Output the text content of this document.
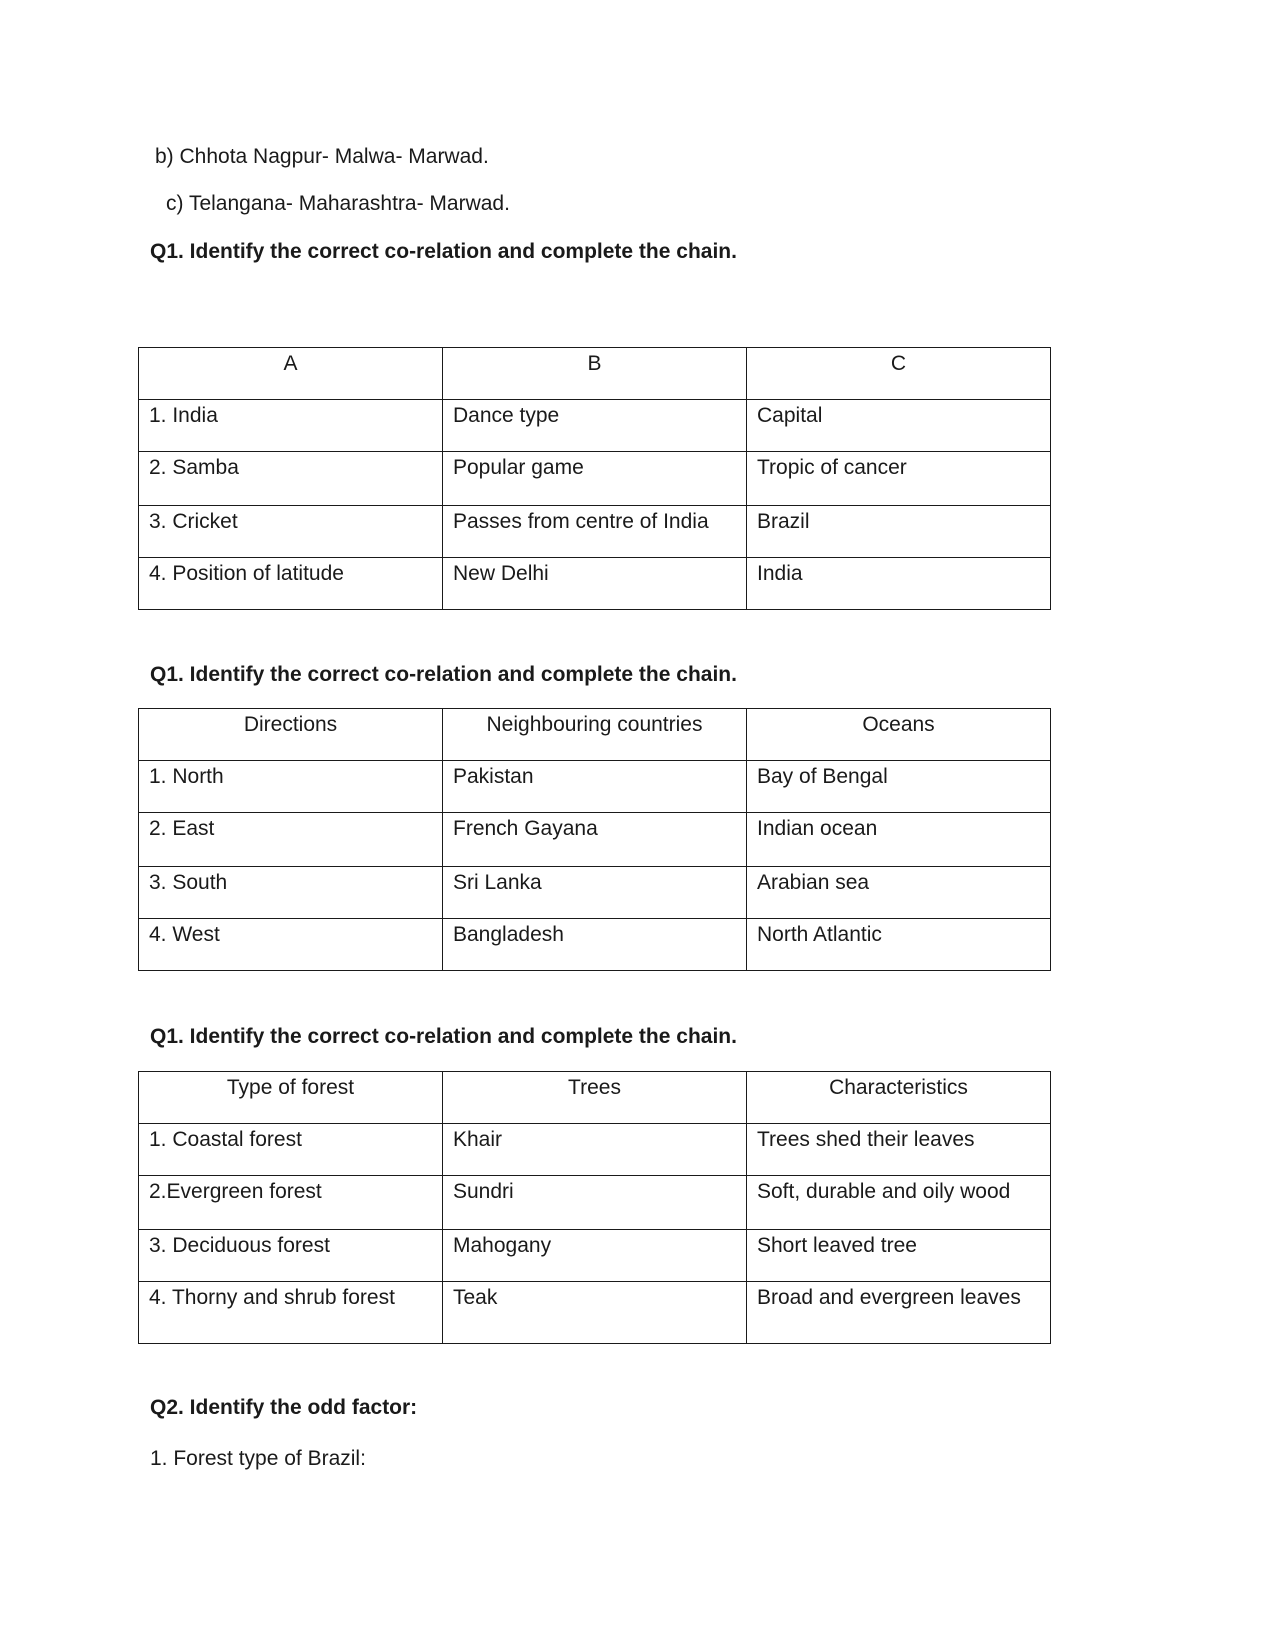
b) Chhota Nagpur- Malwa- Marwad.
c) Telangana- Maharashtra- Marwad.
Q1. Identify the correct co-relation and complete the chain.
A	B	C
1. India	Dance type	Capital
2. Samba	Popular game	Tropic of cancer
3. Cricket	Passes from centre of India	Brazil
4. Position of latitude	New Delhi	India
Q1. Identify the correct co-relation and complete the chain.
Directions	Neighbouring countries	Oceans
1. North	Pakistan	Bay of Bengal
2. East	French Gayana	Indian ocean
3. South	Sri Lanka	Arabian sea
4. West	Bangladesh	North Atlantic
Q1. Identify the correct co-relation and complete the chain.
Type of forest	Trees	Characteristics
1. Coastal forest	Khair	Trees shed their leaves
2.Evergreen forest	Sundri	Soft, durable and oily wood
3. Deciduous forest	Mahogany	Short leaved tree
4. Thorny and shrub forest	Teak	Broad and evergreen leaves
Q2. Identify the odd factor:
1. Forest type of Brazil:
